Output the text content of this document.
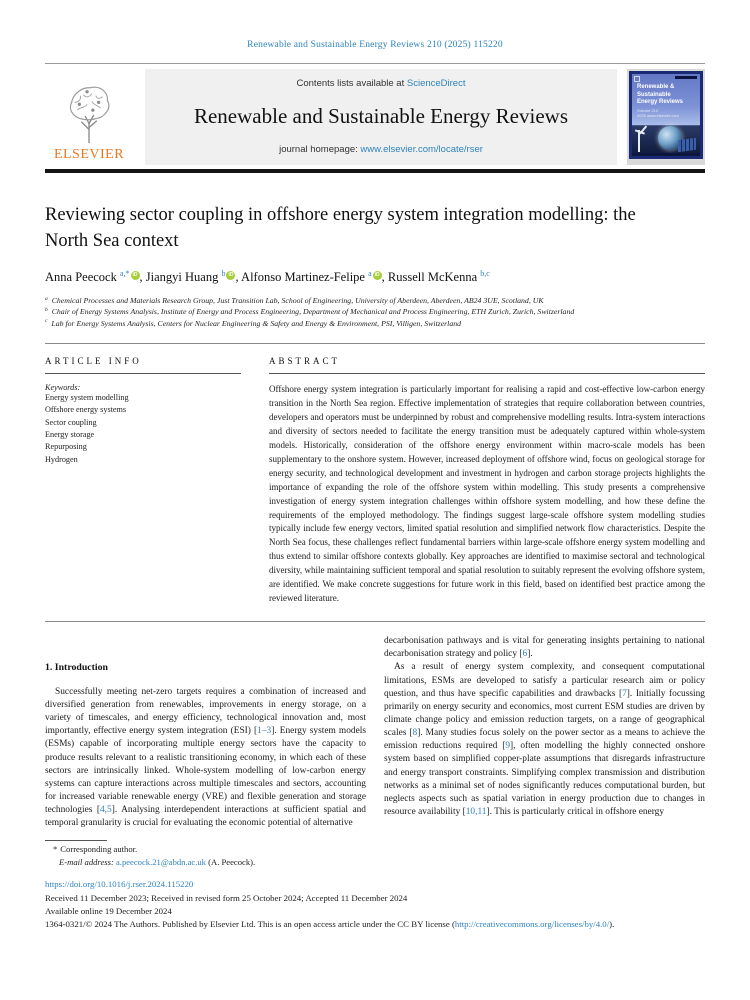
Renewable and Sustainable Energy Reviews 210 (2025) 115220
ELSEVIER
Contents lists available at ScienceDirect
Renewable and Sustainable Energy Reviews
journal homepage: www.elsevier.com/locate/rser
Renewable &
Sustainable
Energy Reviews
Volume 210
2025 www.elsevier.com
Reviewing sector coupling in offshore energy system integration modelling: the North Sea context
Anna Peecock $^{a,*}$ iD , Jiangyi Huang $^b$ iD , Alfonso Martinez-Felipe $^a$ iD , Russell McKenna $^{b,c}$
$^a$ Chemical Processes and Materials Research Group, Just Transition Lab, School of Engineering, University of Aberdeen, Aberdeen, AB24 3UE, Scotland, UK
$^b$ Chair of Energy Systems Analysis, Institute of Energy and Process Engineering, Department of Mechanical and Process Engineering, ETH Zurich, Zurich, Switzerland
$^c$ Lab for Energy Systems Analysis, Centers for Nuclear Engineering & Safety and Energy & Environment, PSI, Villigen, Switzerland
ARTICLE INFO
Keywords:
Energy system modelling
Offshore energy systems
Sector coupling
Energy storage
Repurposing
Hydrogen
ABSTRACT
Offshore energy system integration is particularly important for realising a rapid and cost-effective low-carbon energy transition in the North Sea region. Effective implementation of strategies that require collaboration between countries, developers and operators must be underpinned by robust and comprehensive modelling results. Intra-system interactions and diversity of sectors needed to facilitate the energy transition must be adequately captured within whole-system models. Historically, consideration of the offshore energy environment within macro-scale models has been supplementary to the onshore system. However, increased deployment of offshore wind, focus on geological storage for energy security, and technological development and investment in hydrogen and carbon storage projects highlights the importance of expanding the role of the offshore system within modelling. This study presents a comprehensive investigation of energy system integration challenges within offshore system modelling, and how these define the requirements of the employed methodology. The findings suggest large-scale offshore system modelling studies typically include few energy vectors, limited spatial resolution and simplified network flow characteristics. Despite the North Sea focus, these challenges reflect fundamental barriers within large-scale offshore energy system modelling and thus extend to similar offshore contexts globally. Key approaches are identified to maximise sectoral and technological diversity, while maintaining sufficient temporal and spatial resolution to suitably represent the evolving offshore system, are identified. We make concrete suggestions for future work in this field, based on identified best practice among the reviewed literature.
1. Introduction

Successfully meeting net-zero targets requires a combination of increased and diversified generation from renewables, improvements in energy storage, on a variety of timescales, and energy efficiency, technological innovation and, most importantly, effective energy system integration (ESI) [1–3]. Energy system models (ESMs) capable of incorporating multiple energy sectors have the capacity to produce results relevant to a realistic transitioning economy, in which each of these sectors are intrinsically linked. Whole-system modelling of low-carbon energy systems can capture interactions across multiple timescales and sectors, accounting for increased variable renewable energy (VRE) and flexible generation and storage technologies [4,5]. Analysing interdependent interactions at sufficient spatial and temporal granularity is crucial for evaluating the economic potential of alternative

decarbonisation pathways and is vital for generating insights pertaining to national decarbonisation strategy and policy [6].

As a result of energy system complexity, and consequent computational limitations, ESMs are developed to satisfy a particular research aim or policy question, and thus have specific capabilities and drawbacks [7]. Initially focussing primarily on energy security and economics, most current ESM studies are driven by climate change policy and emission reduction targets, on a range of geographical scales [8]. Many studies focus solely on the power sector as a means to achieve the emission reductions required [9], often modelling the highly connected onshore system based on simplified copper-plate assumptions that disregards infrastructure and energy transport constraints. Simplifying complex transmission and distribution networks as a minimal set of nodes significantly reduces computational burden, but neglects aspects such as spatial variation in energy production due to changes in resource availability [10,11]. This is particularly critical in offshore energy

* Corresponding author.
E-mail address: a.peecock.21@abdn.ac.uk (A. Peecock).
https://doi.org/10.1016/j.rser.2024.115220
Received 11 December 2023; Received in revised form 25 October 2024; Accepted 11 December 2024
Available online 19 December 2024
1364-0321/© 2024 The Authors. Published by Elsevier Ltd. This is an open access article under the CC BY license (http://creativecommons.org/licenses/by/4.0/).
